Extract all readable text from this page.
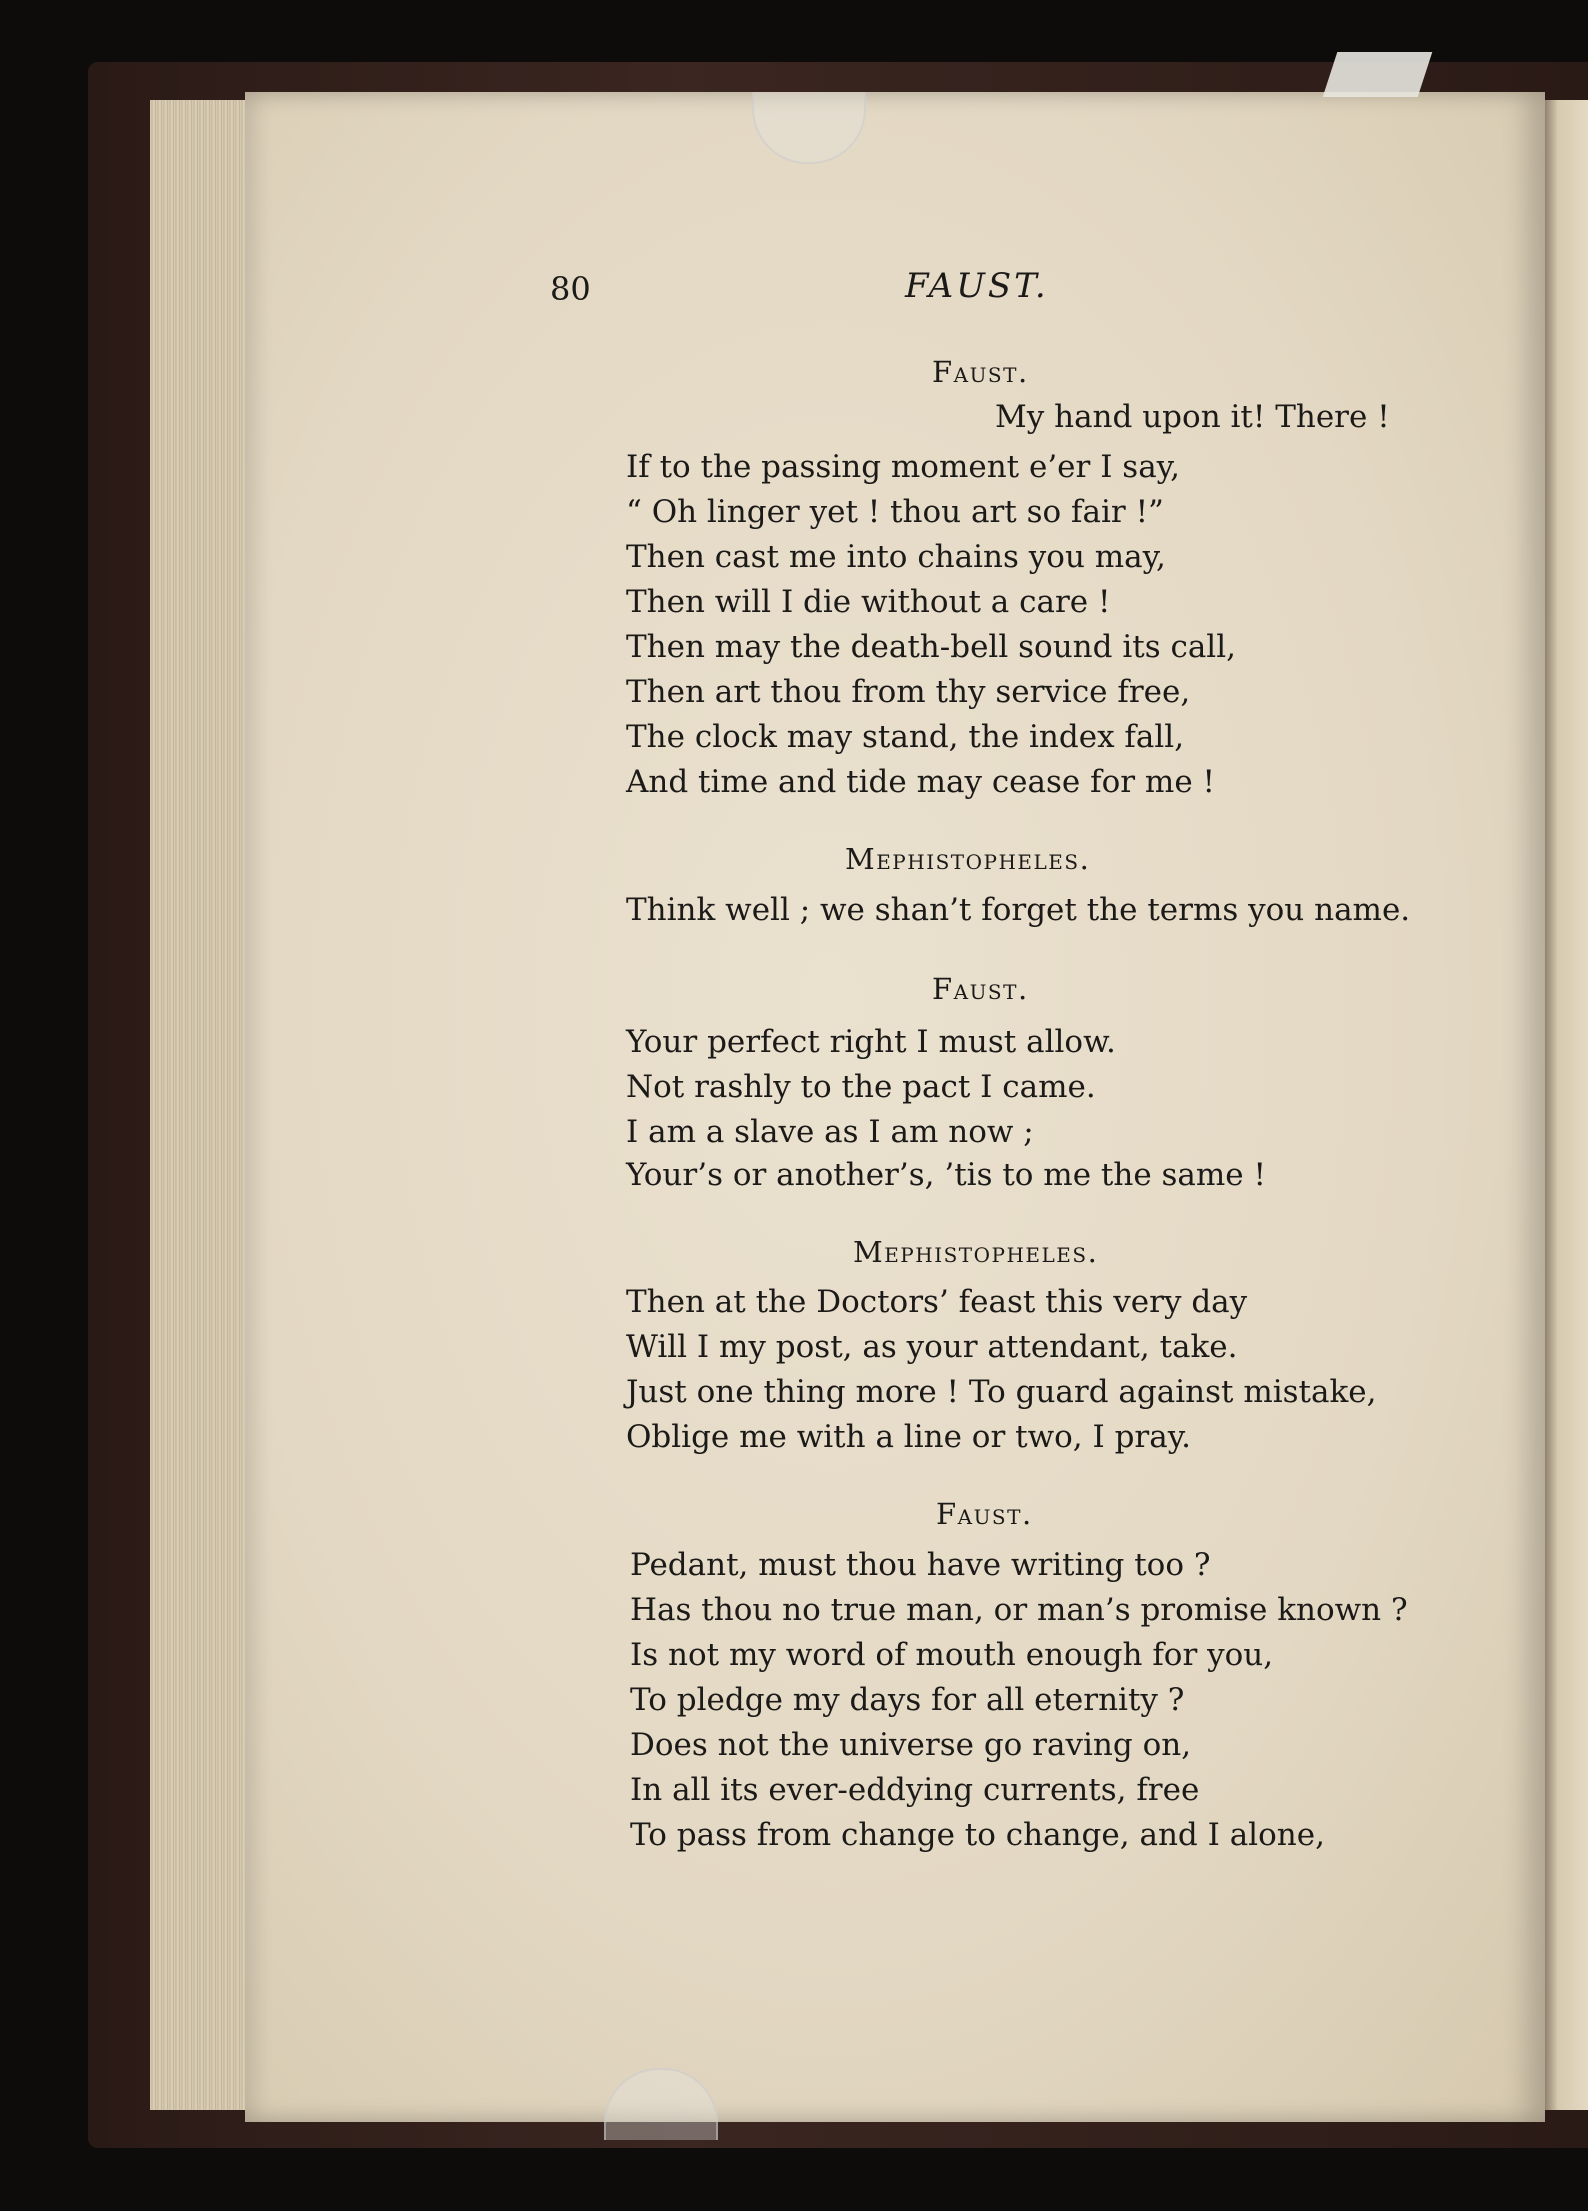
80	FAUST.
Faust.
My hand upon it! There !
If to the passing moment e’er I say,
“ Oh linger yet ! thou art so fair !”
Then cast me into chains you may,
Then will I die without a care !
Then may the death-bell sound its call,
Then art thou from thy service free,
The clock may stand, the index fall,
And time and tide may cease for me !
Mephistopheles.
Think well ; we shan’t forget the terms you name.
Faust.
Your perfect right I must allow.
Not rashly to the pact I came.
I am a slave as I am now ;
Your’s or another’s, ’tis to me the same !
Mephistopheles.
Then at the Doctors’ feast this very day
Will I my post, as your attendant, take.
Just one thing more ! To guard against mistake,
Oblige me with a line or two, I pray.
Faust.
Pedant, must thou have writing too ?
Has thou no true man, or man’s promise known ?
Is not my word of mouth enough for you,
To pledge my days for all eternity ?
Does not the universe go raving on,
In all its ever-eddying currents, free
To pass from change to change, and I alone,
